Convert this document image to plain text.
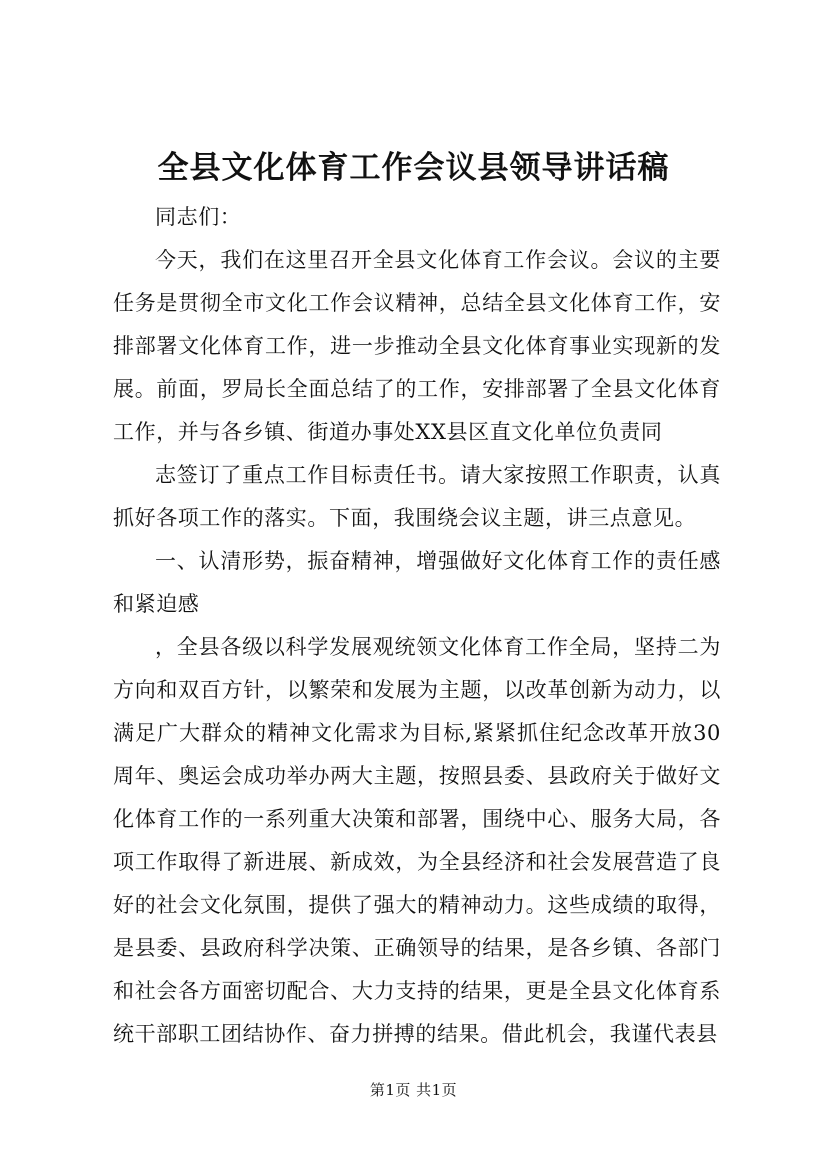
全县文化体育工作会议县领导讲话稿

同志们：

今天，我们在这里召开全县文化体育工作会议。会议的主要任务是贯彻全市文化工作会议精神，总结全县文化体育工作，安排部署文化体育工作，进一步推动全县文化体育事业实现新的发展。前面，罗局长全面总结了的工作，安排部署了全县文化体育工作，并与各乡镇、街道办事处XX县区直文化单位负责同

志签订了重点工作目标责任书。请大家按照工作职责，认真抓好各项工作的落实。下面，我围绕会议主题，讲三点意见。

一、认清形势，振奋精神，增强做好文化体育工作的责任感和紧迫感

，全县各级以科学发展观统领文化体育工作全局，坚持二为方向和双百方针，以繁荣和发展为主题，以改革创新为动力，以满足广大群众的精神文化需求为目标,紧紧抓住纪念改革开放30周年、奥运会成功举办两大主题，按照县委、县政府关于做好文化体育工作的一系列重大决策和部署，围绕中心、服务大局，各项工作取得了新进展、新成效，为全县经济和社会发展营造了良好的社会文化氛围，提供了强大的精神动力。这些成绩的取得，是县委、县政府科学决策、正确领导的结果，是各乡镇、各部门和社会各方面密切配合、大力支持的结果，更是全县文化体育系统干部职工团结协作、奋力拼搏的结果。借此机会，我谨代表县

第1页 共1页
